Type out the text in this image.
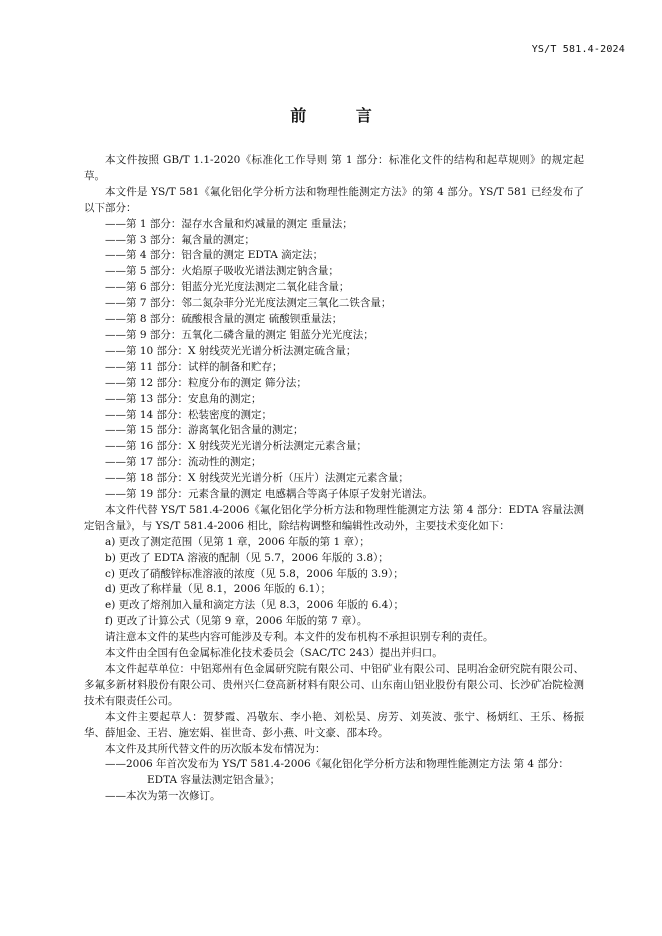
YS/T 581.4-2024
前 言

本文件按照 GB/T 1.1-2020《标准化工作导则 第 1 部分：标准化文件的结构和起草规则》的规定起草。

本文件是 YS/T 581《氟化铝化学分析方法和物理性能测定方法》的第 4 部分。YS/T 581 已经发布了以下部分：

——第 1 部分：湿存水含量和灼减量的测定 重量法；
——第 3 部分：氟含量的测定；
——第 4 部分：铝含量的测定 EDTA 滴定法；
——第 5 部分：火焰原子吸收光谱法测定钠含量；
——第 6 部分：钼蓝分光光度法测定二氧化硅含量；
——第 7 部分：邻二氮杂菲分光光度法测定三氧化二铁含量；
——第 8 部分：硫酸根含量的测定 硫酸钡重量法；
——第 9 部分：五氧化二磷含量的测定 钼蓝分光光度法；
——第 10 部分：X 射线荧光光谱分析法测定硫含量；
——第 11 部分：试样的制备和贮存；
——第 12 部分：粒度分布的测定 筛分法；
——第 13 部分：安息角的测定；
——第 14 部分：松装密度的测定；
——第 15 部分：游离氧化铝含量的测定；
——第 16 部分：X 射线荧光光谱分析法测定元素含量；
——第 17 部分：流动性的测定；
——第 18 部分：X 射线荧光光谱分析（压片）法测定元素含量；
——第 19 部分：元素含量的测定 电感耦合等离子体原子发射光谱法。

本文件代替 YS/T 581.4-2006《氟化铝化学分析方法和物理性能测定方法 第 4 部分：EDTA 容量法测定铝含量》，与 YS/T 581.4-2006 相比，除结构调整和编辑性改动外，主要技术变化如下：

a) 更改了测定范围（见第 1 章，2006 年版的第 1 章）；
b) 更改了 EDTA 溶液的配制（见 5.7，2006 年版的 3.8）；
c) 更改了硝酸锌标准溶液的浓度（见 5.8，2006 年版的 3.9）；
d) 更改了称样量（见 8.1，2006 年版的 6.1）；
e) 更改了熔剂加入量和滴定方法（见 8.3，2006 年版的 6.4）；
f) 更改了计算公式（见第 9 章，2006 年版的第 7 章）。

请注意本文件的某些内容可能涉及专利。本文件的发布机构不承担识别专利的责任。

本文件由全国有色金属标准化技术委员会（SAC/TC 243）提出并归口。

本文件起草单位：中铝郑州有色金属研究院有限公司、中铝矿业有限公司、昆明冶金研究院有限公司、多氟多新材料股份有限公司、贵州兴仁登高新材料有限公司、山东南山铝业股份有限公司、长沙矿冶院检测技术有限责任公司。

本文件主要起草人：贺梦霞、冯敬东、李小艳、刘松昊、房芳、刘英波、张宁、杨炳红、王乐、杨振华、薛旭金、王岩、施宏娟、崔世奇、彭小燕、叶文豪、邵本玲。

本文件及其所代替文件的历次版本发布情况为：

——2006 年首次发布为 YS/T 581.4-2006《氟化铝化学分析方法和物理性能测定方法 第 4 部分：EDTA 容量法测定铝含量》；
——本次为第一次修订。
